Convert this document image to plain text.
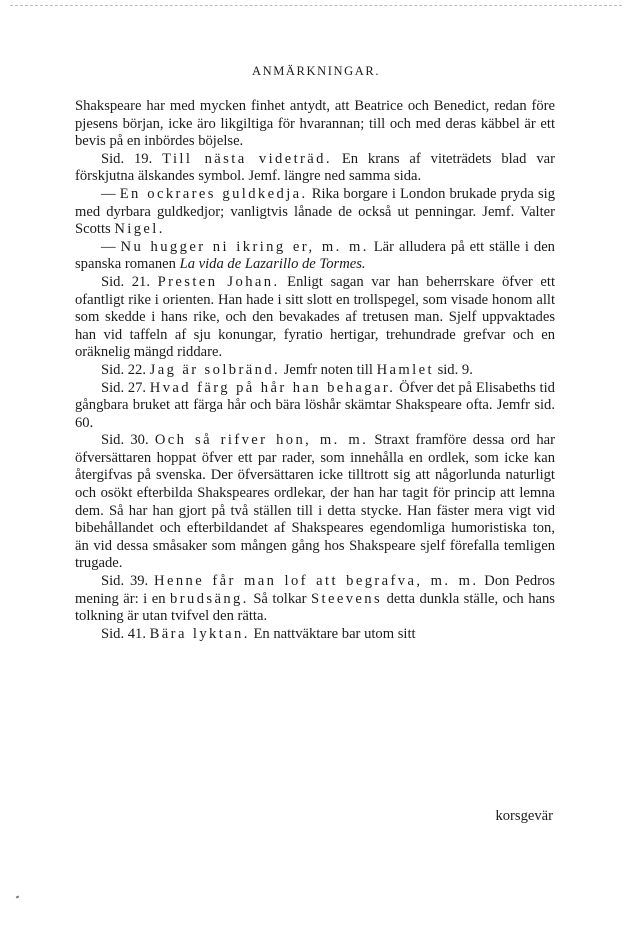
ANMÄRKNINGAR.

Shakspeare har med mycken finhet antydt, att Beatrice och Benedict, redan före pjesens början, icke äro likgiltiga för hvarannan; till och med deras käbbel är ett bevis på en inbördes böjelse.

Sid. 19. Till nästa videträd. En krans af viteträdets blad var förskjutna älskandes symbol. Jemf. längre ned samma sida.

— En ockrares guldkedja. Rika borgare i London brukade pryda sig med dyrbara guldkedjor; vanligtvis lånade de också ut penningar. Jemf. Valter Scotts Nigel.

— Nu hugger ni ikring er, m. m. Lär alludera på ett ställe i den spanska romanen La vida de Lazarillo de Tormes.

Sid. 21. Presten Johan. Enligt sagan var han beherrskare öfver ett ofantligt rike i orienten. Han hade i sitt slott en trollspegel, som visade honom allt som skedde i hans rike, och den bevakades af tretusen man. Sjelf uppvaktades han vid taffeln af sju konungar, fyratio hertigar, trehundrade grefvar och en oräknelig mängd riddare.

Sid. 22. Jag är solbränd. Jemfr noten till Hamlet sid. 9.

Sid. 27. Hvad färg på hår han behagar. Öfver det på Elisabeths tid gångbara bruket att färga hår och bära löshår skämtar Shakspeare ofta. Jemfr sid. 60.

Sid. 30. Och så rifver hon, m. m. Straxt framföre dessa ord har öfversättaren hoppat öfver ett par rader, som innehålla en ordlek, som icke kan återgifvas på svenska. Der öfversättaren icke tilltrott sig att någorlunda naturligt och osökt efterbilda Shakspeares ordlekar, der han har tagit för princip att lemna dem. Så har han gjort på två ställen till i detta stycke. Han fäster mera vigt vid bibehållandet och efterbildandet af Shakspeares egendomliga humoristiska ton, än vid dessa småsaker som mången gång hos Shakspeare sjelf förefalla temligen trugade.

Sid. 39. Henne får man lof att begrafva, m. m. Don Pedros mening är: i en brudsäng. Så tolkar Steevens detta dunkla ställe, och hans tolkning är utan tvifvel den rätta.

Sid. 41. Bära lyktan. En nattväktare bar utom sitt

korsgevär
